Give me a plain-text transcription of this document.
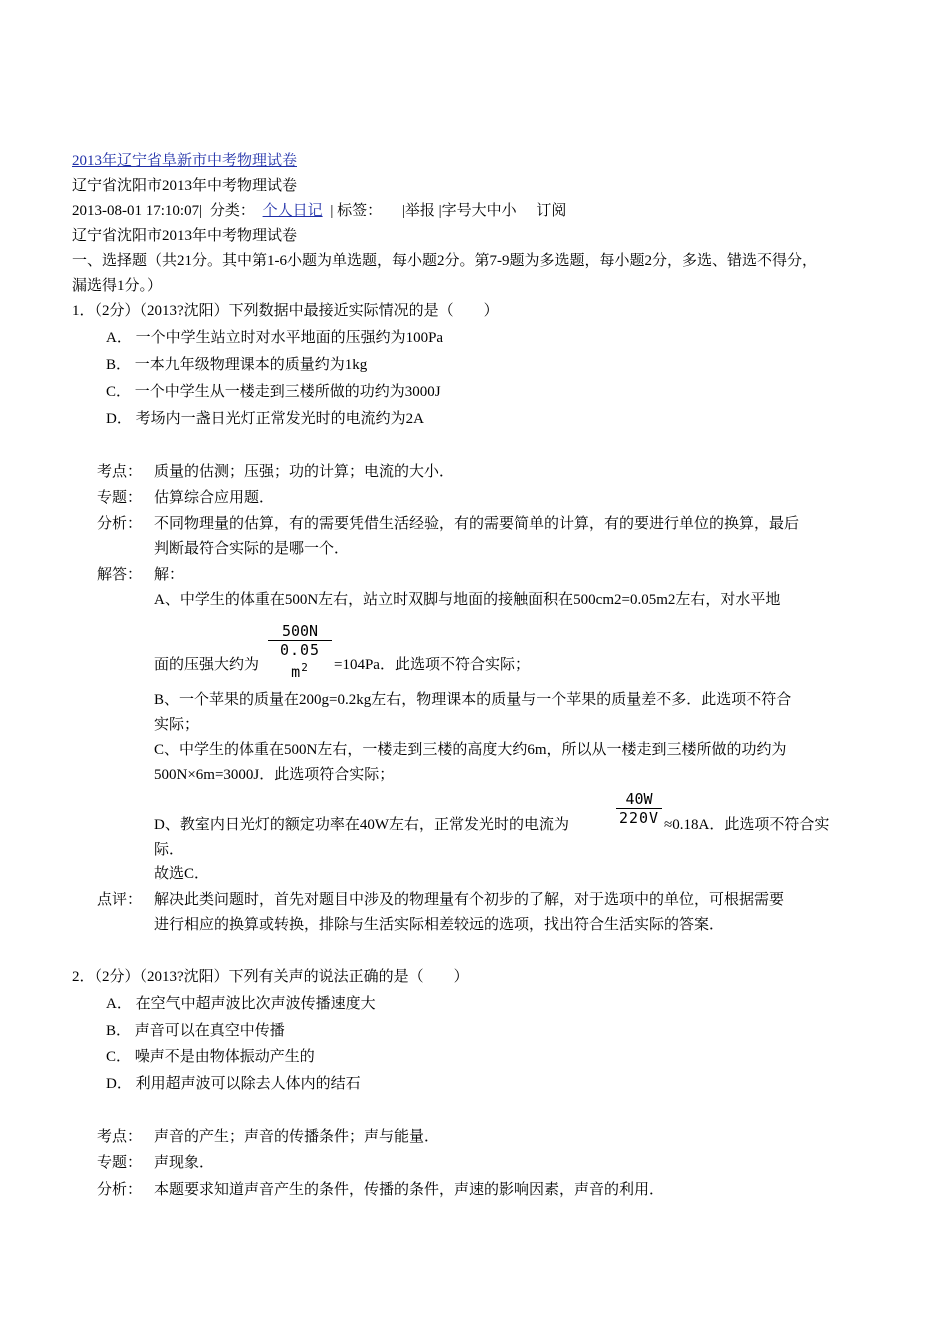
2013年辽宁省阜新市中考物理试卷
辽宁省沈阳市2013年中考物理试卷
2013-08-01 17:10:07| 分类： 个人日记 | 标签： |举报 |字号大中小 订阅
辽宁省沈阳市2013年中考物理试卷
一、选择题（共21分。其中第1-6小题为单选题，每小题2分。第7-9题为多选题，每小题2分，多选、错选不得分，
漏选得1分。）
1．（2分）（2013?沈阳）下列数据中最接近实际情况的是（　　）
A． 一个中学生站立时对水平地面的压强约为100Pa
B． 一本九年级物理课本的质量约为1kg
C． 一个中学生从一楼走到三楼所做的功约为3000J
D． 考场内一盏日光灯正常发光时的电流约为2A
考点： 质量的估测；压强；功的计算；电流的大小．
专题： 估算综合应用题．
分析： 不同物理量的估算，有的需要凭借生活经验，有的需要简单的计算，有的要进行单位的换算，最后
判断最符合实际的是哪一个．
解答： 解：
A、中学生的体重在500N左右，站立时双脚与地面的接触面积在500cm2=0.05m2左右，对水平地
500N
0.05 $m^2$
面的压强大约为	=104Pa．此选项不符合实际；
B、一个苹果的质量在200g=0.2kg左右，物理课本的质量与一个苹果的质量差不多．此选项不符合
实际；
C、中学生的体重在500N左右，一楼走到三楼的高度大约6m，所以从一楼走到三楼所做的功约为
500N×6m=3000J．此选项符合实际；
40W
220V
D、教室内日光灯的额定功率在40W左右，正常发光时的电流为	≈0.18A．此选项不符合实
际．
故选C．
点评： 解决此类问题时，首先对题目中涉及的物理量有个初步的了解，对于选项中的单位，可根据需要
进行相应的换算或转换，排除与生活实际相差较远的选项，找出符合生活实际的答案．
2．（2分）（2013?沈阳）下列有关声的说法正确的是（　　）
A． 在空气中超声波比次声波传播速度大
B． 声音可以在真空中传播
C． 噪声不是由物体振动产生的
D． 利用超声波可以除去人体内的结石
考点： 声音的产生；声音的传播条件；声与能量．
专题： 声现象．
分析： 本题要求知道声音产生的条件，传播的条件，声速的影响因素，声音的利用．
